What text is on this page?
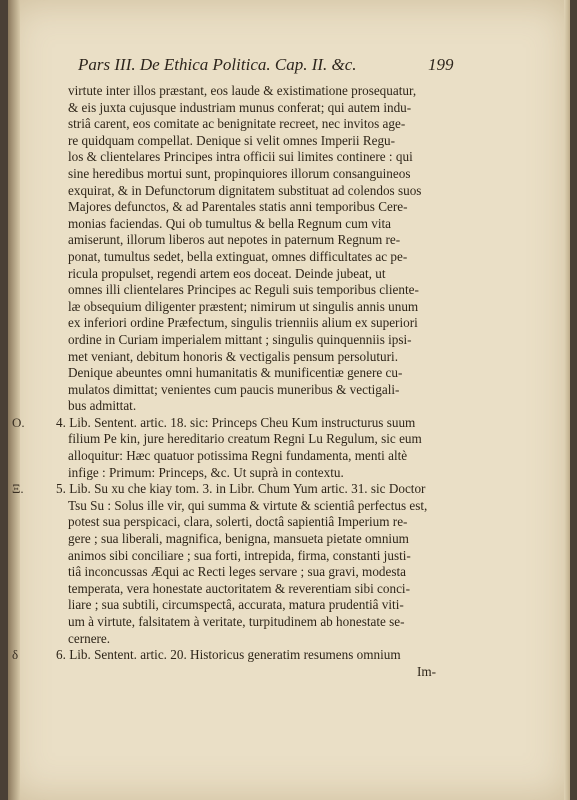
Pars III. De Ethica Politica. Cap. II. &c.	199
virtute inter illos præstant, eos laude & existimatione prosequatur,
& eis juxta cujusque industriam munus conferat; qui autem indu-
striâ carent, eos comitate ac benignitate recreet, nec invitos age-
re quidquam compellat. Denique si velit omnes Imperii Regu-
los & clientelares Principes intra officii sui limites continere : qui
sine heredibus mortui sunt, propinquiores illorum consanguineos
exquirat, & in Defunctorum dignitatem substituat ad colendos suos
Majores defunctos, & ad Parentales statis anni temporibus Cere-
monias faciendas. Qui ob tumultus & bella Regnum cum vita
amiserunt, illorum liberos aut nepotes in paternum Regnum re-
ponat, tumultus sedet, bella extinguat, omnes difficultates ac pe-
ricula propulset, regendi artem eos doceat. Deinde jubeat, ut
omnes illi clientelares Principes ac Reguli suis temporibus cliente-
læ obsequium diligenter præstent; nimirum ut singulis annis unum
ex inferiori ordine Præfectum, singulis trienniis alium ex superiori
ordine in Curiam imperialem mittant ; singulis quinquenniis ipsi-
met veniant, debitum honoris & vectigalis pensum persoluturi.
Denique abeuntes omni humanitatis & munificentiæ genere cu-
mulatos dimittat; venientes cum paucis muneribus & vectigali-
bus admittat.
O.	4. Lib. Sentent. artic. 18. sic: Princeps Cheu Kum instructurus suum
filium Pe kin, jure hereditario creatum Regni Lu Regulum, sic eum
alloquitur: Hæc quatuor potissima Regni fundamenta, menti altè
infige : Primum: Princeps, &c. Ut suprà in contextu.
Ξ.	5. Lib. Su xu che kiay tom. 3. in Libr. Chum Yum artic. 31. sic Doctor
Tsu Su : Solus ille vir, qui summa & virtute & scientiâ perfectus est,
potest sua perspicaci, clara, solerti, doctâ sapientiâ Imperium re-
gere ; sua liberali, magnifica, benigna, mansueta pietate omnium
animos sibi conciliare ; sua forti, intrepida, firma, constanti justi-
tiâ inconcussas Æqui ac Recti leges servare ; sua gravi, modesta
temperata, vera honestate auctoritatem & reverentiam sibi conci-
liare ; sua subtili, circumspectâ, accurata, matura prudentiâ viti-
um à virtute, falsitatem à veritate, turpitudinem ab honestate se-
cernere.
δ	6. Lib. Sentent. artic. 20. Historicus generatim resumens omnium
Im-
